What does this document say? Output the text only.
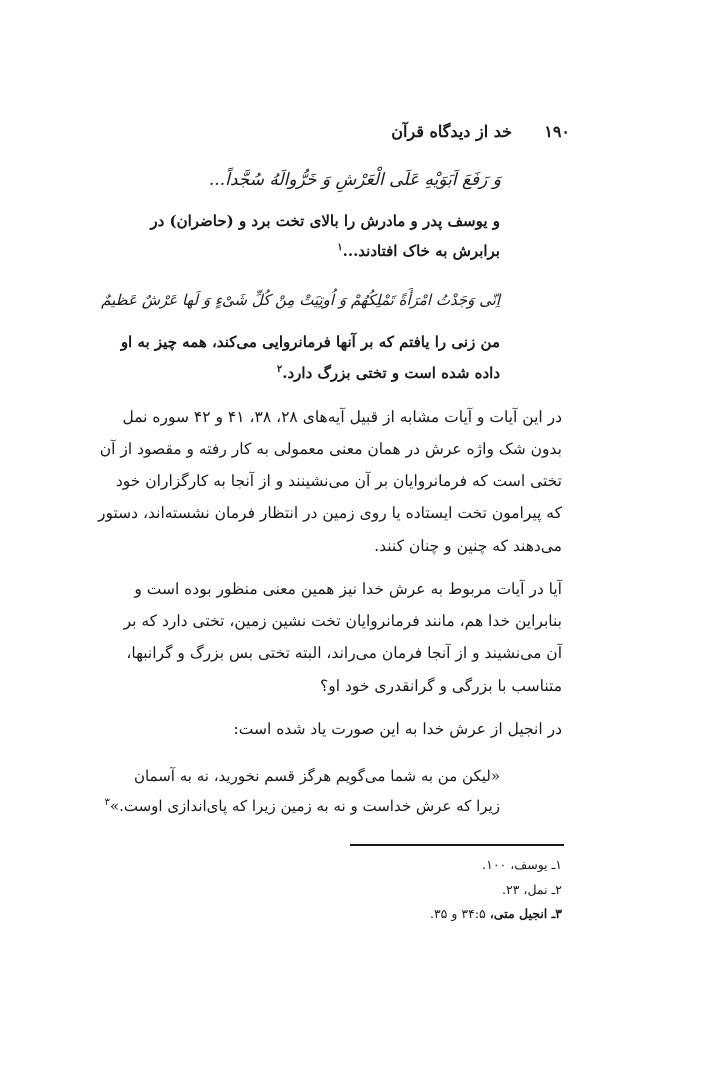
۱۹۰
خد از دیدگاه قرآن
وَ رَفَعَ اَبَوَیْهِ عَلَی الْعَرْشِ وَ خَرُّوالَهُ سُجَّداً...
و یوسف پدر و مادرش را بالای تخت برد و (حاضران) در
برابرش به خاک افتادند...$^۱$
اِنّی وَجَدْتُ امْرَأَةً تَمْلِکُهُمْ وَ اُوتِیَتْ مِنْ کُلِّ شَیْءٍ وَ لَها عَرْشٌ عَظیمٌ
من زنی را یافتم که بر آنها فرمانروایی می‌کند، همه چیز به او
داده شده است و تختی بزرگ دارد.$^۲$
در این آیات و آیات مشابه از قبیل آیه‌های ۲۸، ۳۸، ۴۱ و ۴۲ سوره نمل
بدون شک واژه عرش در همان معنی معمولی به کار رفته و مقصود از آن
تختی است که فرمانروایان بر آن می‌نشینند و از آنجا به کارگزاران خود
که پیرامون تخت ایستاده یا روی زمین در انتظار فرمان نشسته‌اند، دستور
می‌دهند که چنین و چنان کنند.
آیا در آیات مربوط به عرش خدا نیز همین معنی منظور بوده است و
بنابراین خدا هم، مانند فرمانروایان تخت نشین زمین، تختی دارد که بر
آن می‌نشیند و از آنجا فرمان می‌راند، البته تختی بس بزرگ و گرانبها،
متناسب با بزرگی و گرانقدری خود او؟
در انجیل از عرش خدا به این صورت یاد شده است:
«لیکن من به شما می‌گویم هرگز قسم نخورید، نه به آسمان
زیرا که عرش خداست و نه به زمین زیرا که پای‌اندازی اوست.»$^۳$
۱ـ یوسف، ۱۰۰.
۲ـ نمل، ۲۳.
۳ـ انجیل متی، ۳۴:۵ و ۳۵.
